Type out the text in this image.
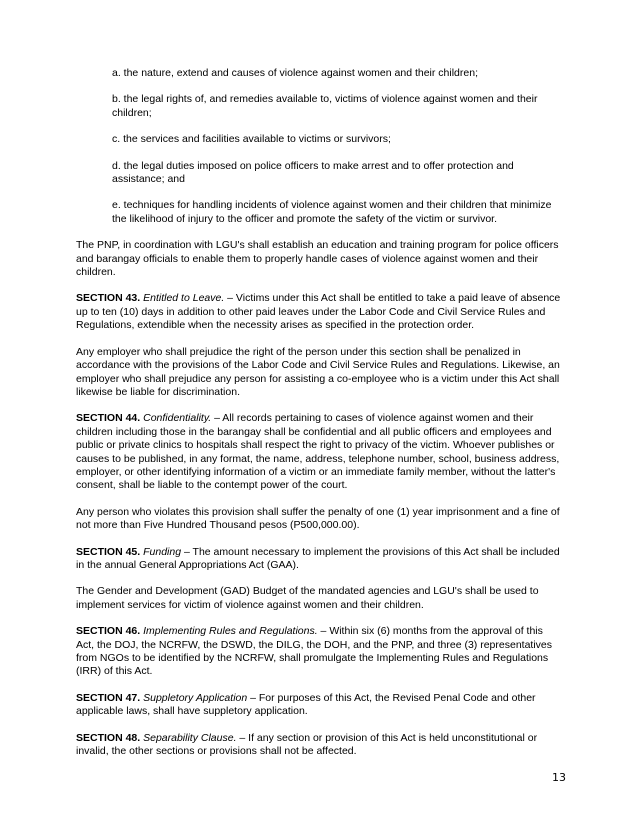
a. the nature, extend and causes of violence against women and their children;

b. the legal rights of, and remedies available to, victims of violence against women and their children;

c. the services and facilities available to victims or survivors;

d. the legal duties imposed on police officers to make arrest and to offer protection and assistance; and

e. techniques for handling incidents of violence against women and their children that minimize the likelihood of injury to the officer and promote the safety of the victim or survivor.

The PNP, in coordination with LGU's shall establish an education and training program for police officers and barangay officials to enable them to properly handle cases of violence against women and their children.

SECTION 43. Entitled to Leave. – Victims under this Act shall be entitled to take a paid leave of absence up to ten (10) days in addition to other paid leaves under the Labor Code and Civil Service Rules and Regulations, extendible when the necessity arises as specified in the protection order.

Any employer who shall prejudice the right of the person under this section shall be penalized in accordance with the provisions of the Labor Code and Civil Service Rules and Regulations. Likewise, an employer who shall prejudice any person for assisting a co-employee who is a victim under this Act shall likewise be liable for discrimination.

SECTION 44. Confidentiality. – All records pertaining to cases of violence against women and their children including those in the barangay shall be confidential and all public officers and employees and public or private clinics to hospitals shall respect the right to privacy of the victim. Whoever publishes or causes to be published, in any format, the name, address, telephone number, school, business address, employer, or other identifying information of a victim or an immediate family member, without the latter's consent, shall be liable to the contempt power of the court.

Any person who violates this provision shall suffer the penalty of one (1) year imprisonment and a fine of not more than Five Hundred Thousand pesos (P500,000.00).

SECTION 45. Funding – The amount necessary to implement the provisions of this Act shall be included in the annual General Appropriations Act (GAA).

The Gender and Development (GAD) Budget of the mandated agencies and LGU's shall be used to implement services for victim of violence against women and their children.

SECTION 46. Implementing Rules and Regulations. – Within six (6) months from the approval of this Act, the DOJ, the NCRFW, the DSWD, the DILG, the DOH, and the PNP, and three (3) representatives from NGOs to be identified by the NCRFW, shall promulgate the Implementing Rules and Regulations (IRR) of this Act.

SECTION 47. Suppletory Application – For purposes of this Act, the Revised Penal Code and other applicable laws, shall have suppletory application.

SECTION 48. Separability Clause. – If any section or provision of this Act is held unconstitutional or invalid, the other sections or provisions shall not be affected.

13
